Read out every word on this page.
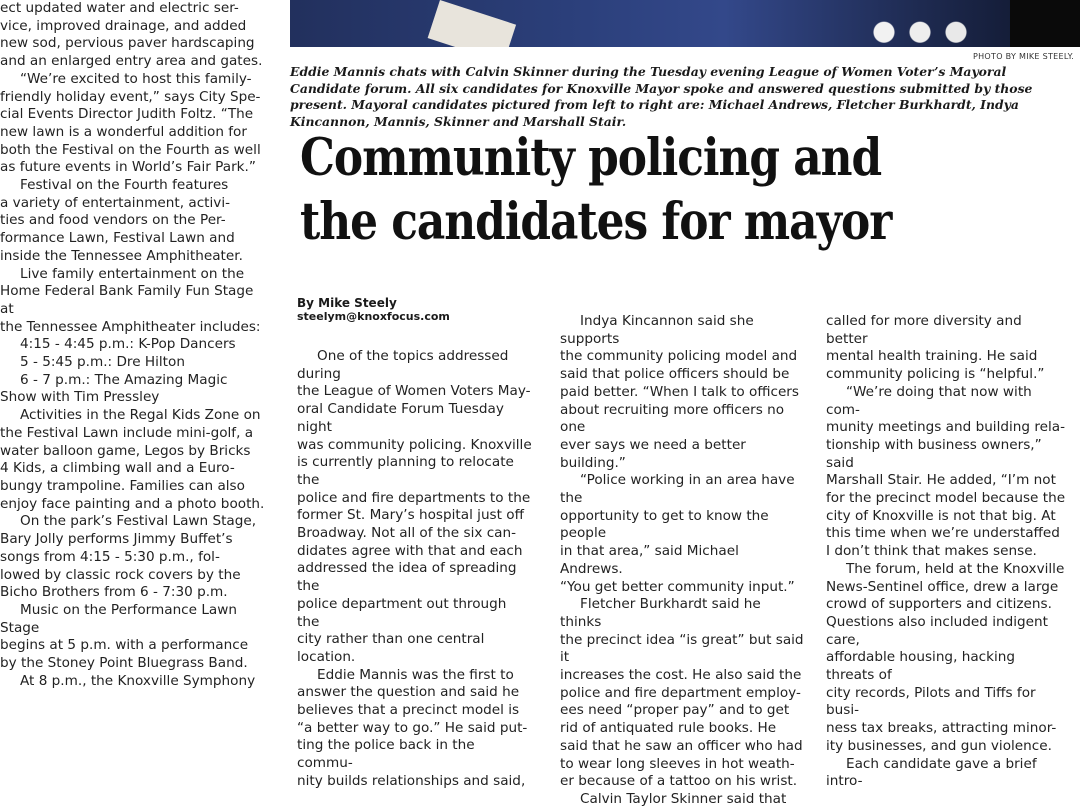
ect updated water and electric ser-

vice, improved drainage, and added

new sod, pervious paver hardscaping

and an enlarged entry area and gates.

“We’re excited to host this family-

friendly holiday event,” says City Spe-

cial Events Director Judith Foltz. “The

new lawn is a wonderful addition for

both the Festival on the Fourth as well

as future events in World’s Fair Park.”

Festival on the Fourth features

a variety of entertainment, activi-

ties and food vendors on the Per-

formance Lawn, Festival Lawn and

inside the Tennessee Amphitheater.

Live family entertainment on the

Home Federal Bank Family Fun Stage at

the Tennessee Amphitheater includes:

4:15 - 4:45 p.m.: K-Pop Dancers

5 - 5:45 p.m.: Dre Hilton

6 - 7 p.m.: The Amazing Magic

Show with Tim Pressley

Activities in the Regal Kids Zone on

the Festival Lawn include mini-golf, a

water balloon game, Legos by Bricks

4 Kids, a climbing wall and a Euro-

bungy trampoline. Families can also

enjoy face painting and a photo booth.

On the park’s Festival Lawn Stage,

Bary Jolly performs Jimmy Buffet’s

songs from 4:15 - 5:30 p.m., fol-

lowed by classic rock covers by the

Bicho Brothers from 6 - 7:30 p.m.

Music on the Performance Lawn Stage

begins at 5 p.m. with a performance

by the Stoney Point Bluegrass Band.

At 8 p.m., the Knoxville Symphony

PHOTO BY MIKE STEELY.
Eddie Mannis chats with Calvin Skinner during the Tuesday evening League of Women Voter’s Mayoral Candidate forum. All six candidates for Knoxville Mayor spoke and answered questions submitted by those present. Mayoral candidates pictured from left to right are: Michael Andrews, Fletcher Burkhardt, Indya Kincannon, Mannis, Skinner and Marshall Stair.
Community policing and
the candidates for mayor
By Mike Steely
steelym@knoxfocus.com

One of the topics addressed during

the League of Women Voters May-

oral Candidate Forum Tuesday night

was community policing. Knoxville

is currently planning to relocate the

police and fire departments to the

former St. Mary’s hospital just off

Broadway. Not all of the six can-

didates agree with that and each

addressed the idea of spreading the

police department out through the

city rather than one central location.

Eddie Mannis was the first to

answer the question and said he

believes that a precinct model is

“a better way to go.” He said put-

ting the police back in the commu-

nity builds relationships and said,

Indya Kincannon said she supports

the community policing model and

said that police officers should be

paid better. “When I talk to officers

about recruiting more officers no one

ever says we need a better building.”

“Police working in an area have the

opportunity to get to know the people

in that area,” said Michael Andrews.

“You get better community input.”

Fletcher Burkhardt said he thinks

the precinct idea “is great” but said it

increases the cost. He also said the

police and fire department employ-

ees need “proper pay” and to get

rid of antiquated rule books. He

said that he saw an officer who had

to wear long sleeves in hot weath-

er because of a tattoo on his wrist.

Calvin Taylor Skinner said that

called for more diversity and better

mental health training. He said

community policing is “helpful.”

“We’re doing that now with com-

munity meetings and building rela-

tionship with business owners,” said

Marshall Stair. He added, “I’m not

for the precinct model because the

city of Knoxville is not that big. At

this time when we’re understaffed

I don’t think that makes sense.

The forum, held at the Knoxville

News-Sentinel office, drew a large

crowd of supporters and citizens.

Questions also included indigent care,

affordable housing, hacking threats of

city records, Pilots and Tiffs for busi-

ness tax breaks, attracting minor-

ity businesses, and gun violence.

Each candidate gave a brief intro-
